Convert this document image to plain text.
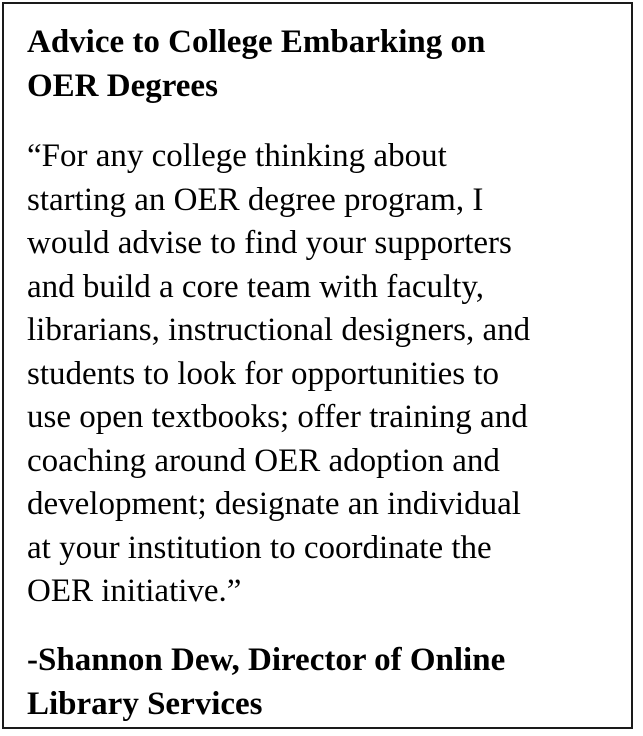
Advice to College Embarking on
OER Degrees

“For any college thinking about
starting an OER degree program, I
would advise to find your supporters
and build a core team with faculty,
librarians, instructional designers, and
students to look for opportunities to
use open textbooks; offer training and
coaching around OER adoption and
development; designate an individual
at your institution to coordinate the
OER initiative.”

-Shannon Dew, Director of Online
Library Services
